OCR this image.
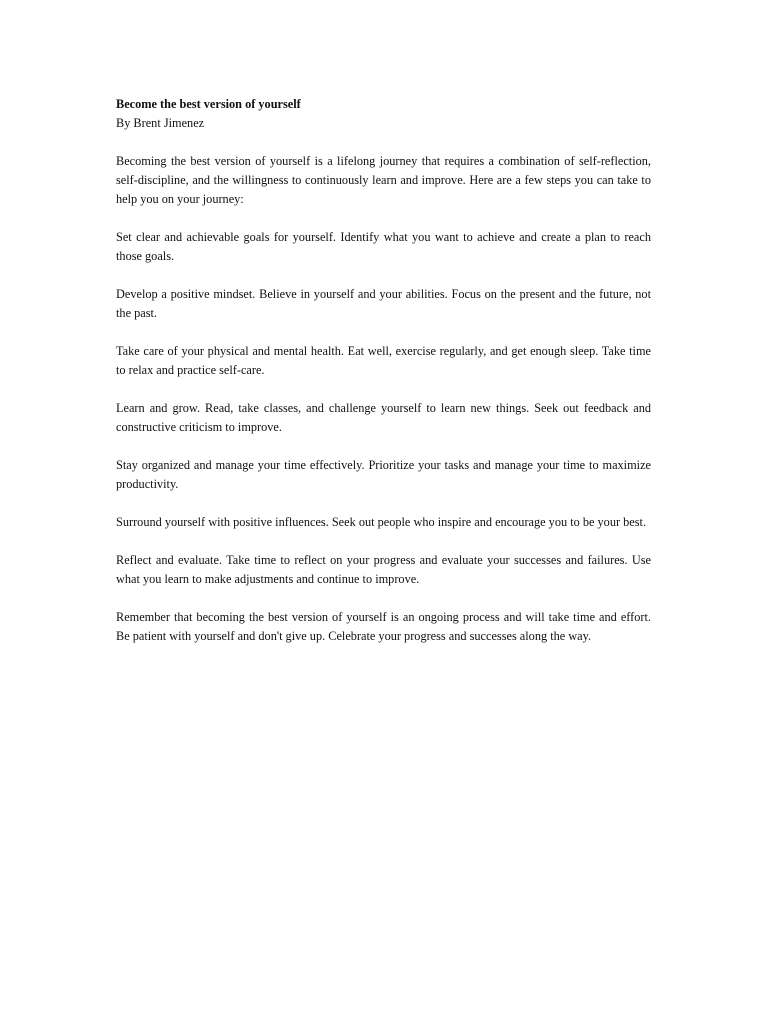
Become the best version of yourself

By Brent Jimenez

Becoming the best version of yourself is a lifelong journey that requires a combination of self-reflection, self-discipline, and the willingness to continuously learn and improve. Here are a few steps you can take to help you on your journey:

Set clear and achievable goals for yourself. Identify what you want to achieve and create a plan to reach those goals.

Develop a positive mindset. Believe in yourself and your abilities. Focus on the present and the future, not the past.

Take care of your physical and mental health. Eat well, exercise regularly, and get enough sleep. Take time to relax and practice self-care.

Learn and grow. Read, take classes, and challenge yourself to learn new things. Seek out feedback and constructive criticism to improve.

Stay organized and manage your time effectively. Prioritize your tasks and manage your time to maximize productivity.

Surround yourself with positive influences. Seek out people who inspire and encourage you to be your best.

Reflect and evaluate. Take time to reflect on your progress and evaluate your successes and failures. Use what you learn to make adjustments and continue to improve.

Remember that becoming the best version of yourself is an ongoing process and will take time and effort. Be patient with yourself and don't give up. Celebrate your progress and successes along the way.
